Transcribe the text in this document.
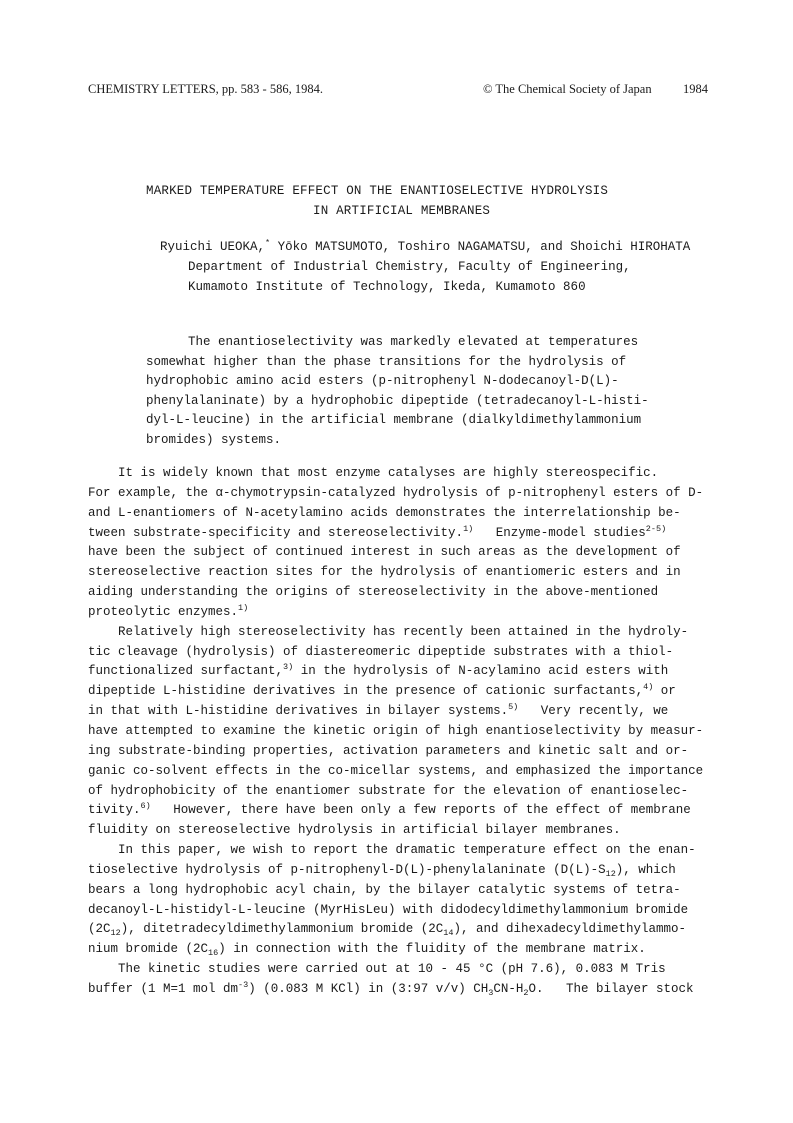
CHEMISTRY LETTERS, pp. 583 - 586, 1984.	© The Chemical Society of Japan	1984
MARKED TEMPERATURE EFFECT ON THE ENANTIOSELECTIVE HYDROLYSIS
IN ARTIFICIAL MEMBRANES
Ryuichi UEOKA,* Yōko MATSUMOTO, Toshiro NAGAMATSU, and Shoichi HIROHATA
Department of Industrial Chemistry, Faculty of Engineering,
Kumamoto Institute of Technology, Ikeda, Kumamoto 860
The enantioselectivity was markedly elevated at temperatures
somewhat higher than the phase transitions for the hydrolysis of
hydrophobic amino acid esters (p-nitrophenyl N-dodecanoyl-D(L)-
phenylalaninate) by a hydrophobic dipeptide (tetradecanoyl-L-histi-
dyl-L-leucine) in the artificial membrane (dialkyldimethylammonium
bromides) systems.
It is widely known that most enzyme catalyses are highly stereospecific.
For example, the α-chymotrypsin-catalyzed hydrolysis of p-nitrophenyl esters of D-
and L-enantiomers of N-acetylamino acids demonstrates the interrelationship be-
tween substrate-specificity and stereoselectivity.$^{1)}$   Enzyme-model studies$^{2-5)}$
have been the subject of continued interest in such areas as the development of
stereoselective reaction sites for the hydrolysis of enantiomeric esters and in
aiding understanding the origins of stereoselectivity in the above-mentioned
proteolytic enzymes.$^{1)}$
Relatively high stereoselectivity has recently been attained in the hydroly-
tic cleavage (hydrolysis) of diastereomeric dipeptide substrates with a thiol-
functionalized surfactant,$^{3)}$ in the hydrolysis of N-acylamino acid esters with
dipeptide L-histidine derivatives in the presence of cationic surfactants,$^{4)}$ or
in that with L-histidine derivatives in bilayer systems.$^{5)}$   Very recently, we
have attempted to examine the kinetic origin of high enantioselectivity by measur-
ing substrate-binding properties, activation parameters and kinetic salt and or-
ganic co-solvent effects in the co-micellar systems, and emphasized the importance
of hydrophobicity of the enantiomer substrate for the elevation of enantioselec-
tivity.$^{6)}$   However, there have been only a few reports of the effect of membrane
fluidity on stereoselective hydrolysis in artificial bilayer membranes.
In this paper, we wish to report the dramatic temperature effect on the enan-
tioselective hydrolysis of p-nitrophenyl-D(L)-phenylalaninate $(D(L)-S_{12})$, which
bears a long hydrophobic acyl chain, by the bilayer catalytic systems of tetra-
decanoyl-L-histidyl-L-leucine (MyrHisLeu) with didodecyldimethylammonium bromide
$(2C_{12})$, ditetradecyldimethylammonium bromide $(2C_{14})$, and dihexadecyldimethylammo-
nium bromide $(2C_{16})$ in connection with the fluidity of the membrane matrix.
The kinetic studies were carried out at 10 - 45 °C (pH 7.6), 0.083 M Tris
buffer (1 M=1 mol $dm^{-3}$) (0.083 M KCl) in (3:97 v/v) $CH_3CN-H_2O$.   The bilayer stock
